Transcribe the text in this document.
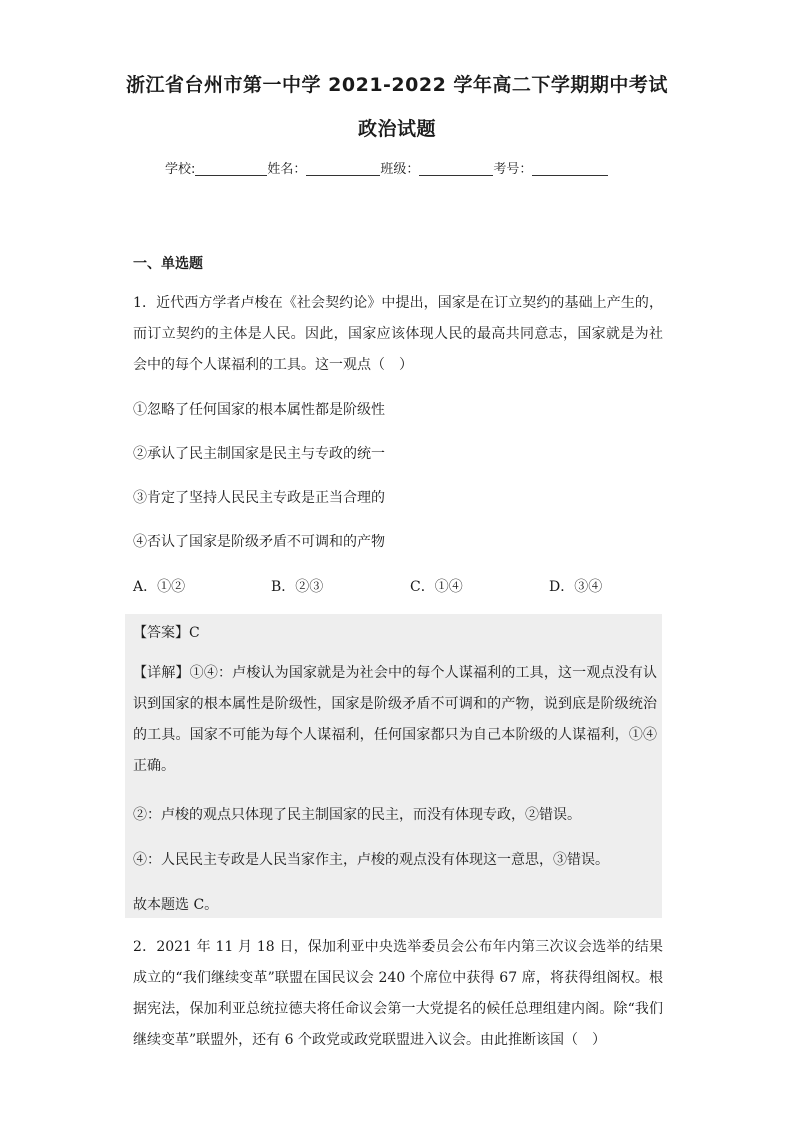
浙江省台州市第一中学 2021-2022 学年高二下学期期中考试
政治试题
学校:	姓名：	班级：	考号：
一、单选题
1．近代西方学者卢梭在《社会契约论》中提出，国家是在订立契约的基础上产生的，而订立契约的主体是人民。因此，国家应该体现人民的最高共同意志，国家就是为社会中的每个人谋福利的工具。这一观点（　）
①忽略了任何国家的根本属性都是阶级性
②承认了民主制国家是民主与专政的统一
③肯定了坚持人民民主专政是正当合理的
④否认了国家是阶级矛盾不可调和的产物
A．①②	B．②③	C．①④	D．③④
【答案】C
【详解】①④：卢梭认为国家就是为社会中的每个人谋福利的工具，这一观点没有认识到国家的根本属性是阶级性，国家是阶级矛盾不可调和的产物，说到底是阶级统治的工具。国家不可能为每个人谋福利，任何国家都只为自己本阶级的人谋福利，①④正确。
②：卢梭的观点只体现了民主制国家的民主，而没有体现专政，②错误。
④：人民民主专政是人民当家作主，卢梭的观点没有体现这一意思，③错误。
故本题选 C。
2．2021 年 11 月 18 日，保加利亚中央选举委员会公布年内第三次议会选举的结果成立的“我们继续变革”联盟在国民议会 240 个席位中获得 67 席，将获得组阁权。根据宪法，保加利亚总统拉德夫将任命议会第一大党提名的候任总理组建内阁。除“我们继续变革”联盟外，还有 6 个政党或政党联盟进入议会。由此推断该国（　）
